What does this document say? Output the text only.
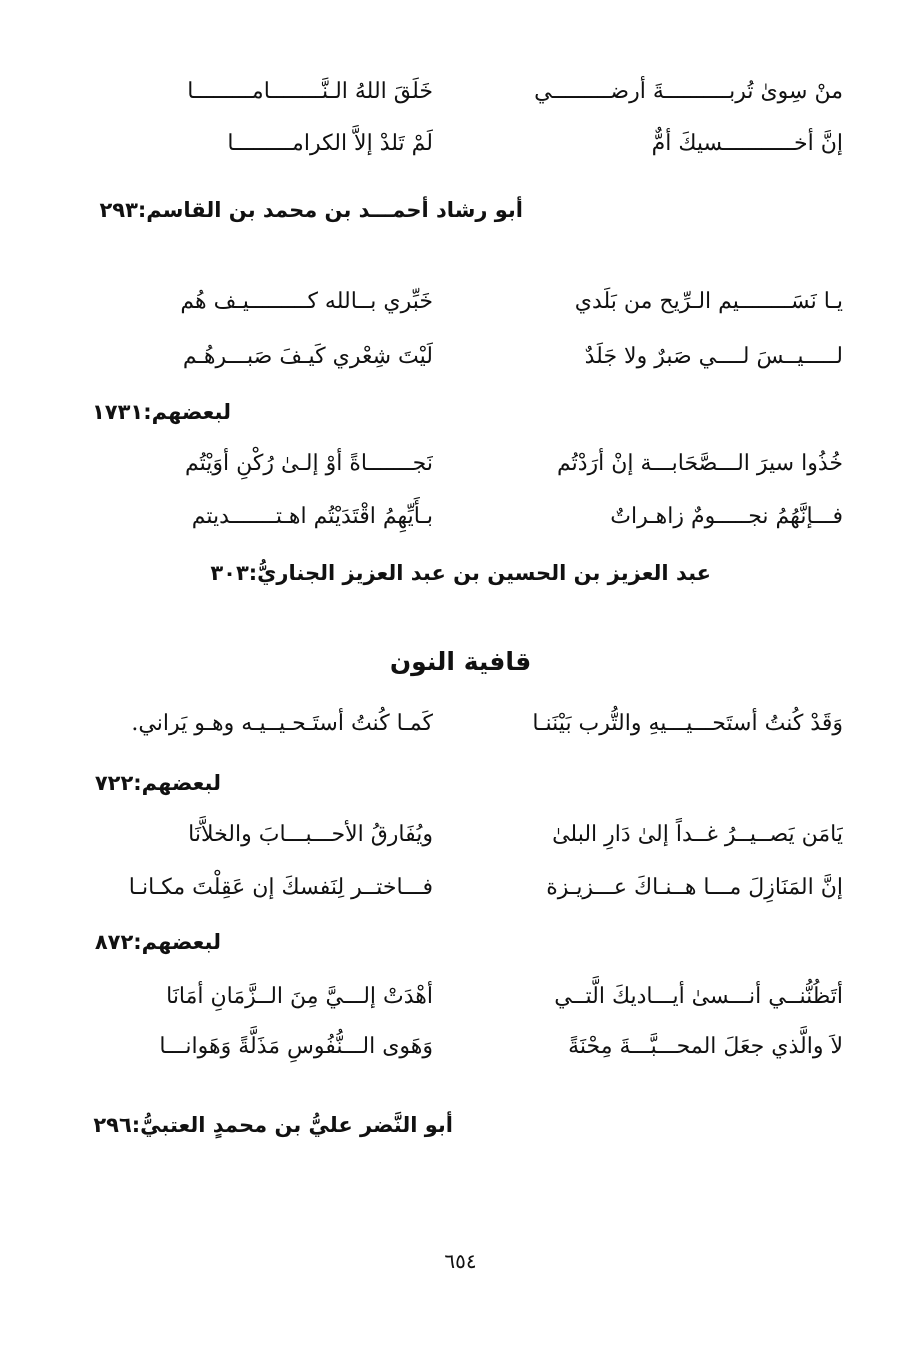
منْ سِوىٰ تُربــــــــــةَ أرضـــــــــي
خَلَقَ اللهُ الـنَّــــــــامـــــــــا
إنَّ أخـــــــــــسيكَ أمٌّ
لَمْ تَلدْ إلاَّ الكرامـــــــــا
أبو رشاد أحمـــد بن محمد بن القاسم:٢٩٣
يـا نَسَــــــــيم الـرِّيح من بَلَدي
خَبِّري بــالله كـــــــــيـف هُم
لـــــيــسَ لــــي صَبرٌ ولا جَلَدٌ
لَيْتَ شِعْري كَيـفَ صَبـــرهُـم
لبعضهم:١٧٣١
خُذُوا سيرَ الـــصَّحَابـــة إنْ أرَدْتُم
نَجـــــــاةً أوْ إلـىٰ رُكْنِ أوَيْتُم
فـــإنَّهُمُ نجـــــومٌ زاهـراتٌ
بـأَيِّهِمُ اقْتَدَيْتُم اهـتـــــــديتم
عبد العزيز بن الحسين بن عبد العزيز الجناريُّ:٣٠٣
قافية النون
وَقَدْ كُنتُ أستَحـــيـــيهِ والتُّرب بَيْنَنـا
كَمـا كُنتُ أستَـحـيــيـه وهـو يَراني.
لبعضهم:٧٢٢
يَامَن يَصــيــرُ غــداً إلىٰ دَارِ البلىٰ
ويُفَارقُ الأحـــبـــابَ والخلاَّنَا
إنَّ المَنَازِلَ مـــا هــنـاكَ عـــزيـزة
فـــاختــر لِنَفسكَ إن عَقِلْتَ مكـانـا
لبعضهم:٨٧٢
أتَظُنُّنــي أنـــسىٰ أيـــاديكَ الَّتــي
أهْدَتْ إلـــيَّ مِنَ الــزَّمَانِ أمَانَا
لاَ والَّذي جعَلَ المحـــبَّـــةَ مِحْنَةً
وَهَوى الـــنُّفُوسِ مَذَلَّةً وَهَوانـــا
أبو النَّضر عليُّ بن محمدٍ العتبيُّ:٢٩٦
٦٥٤
